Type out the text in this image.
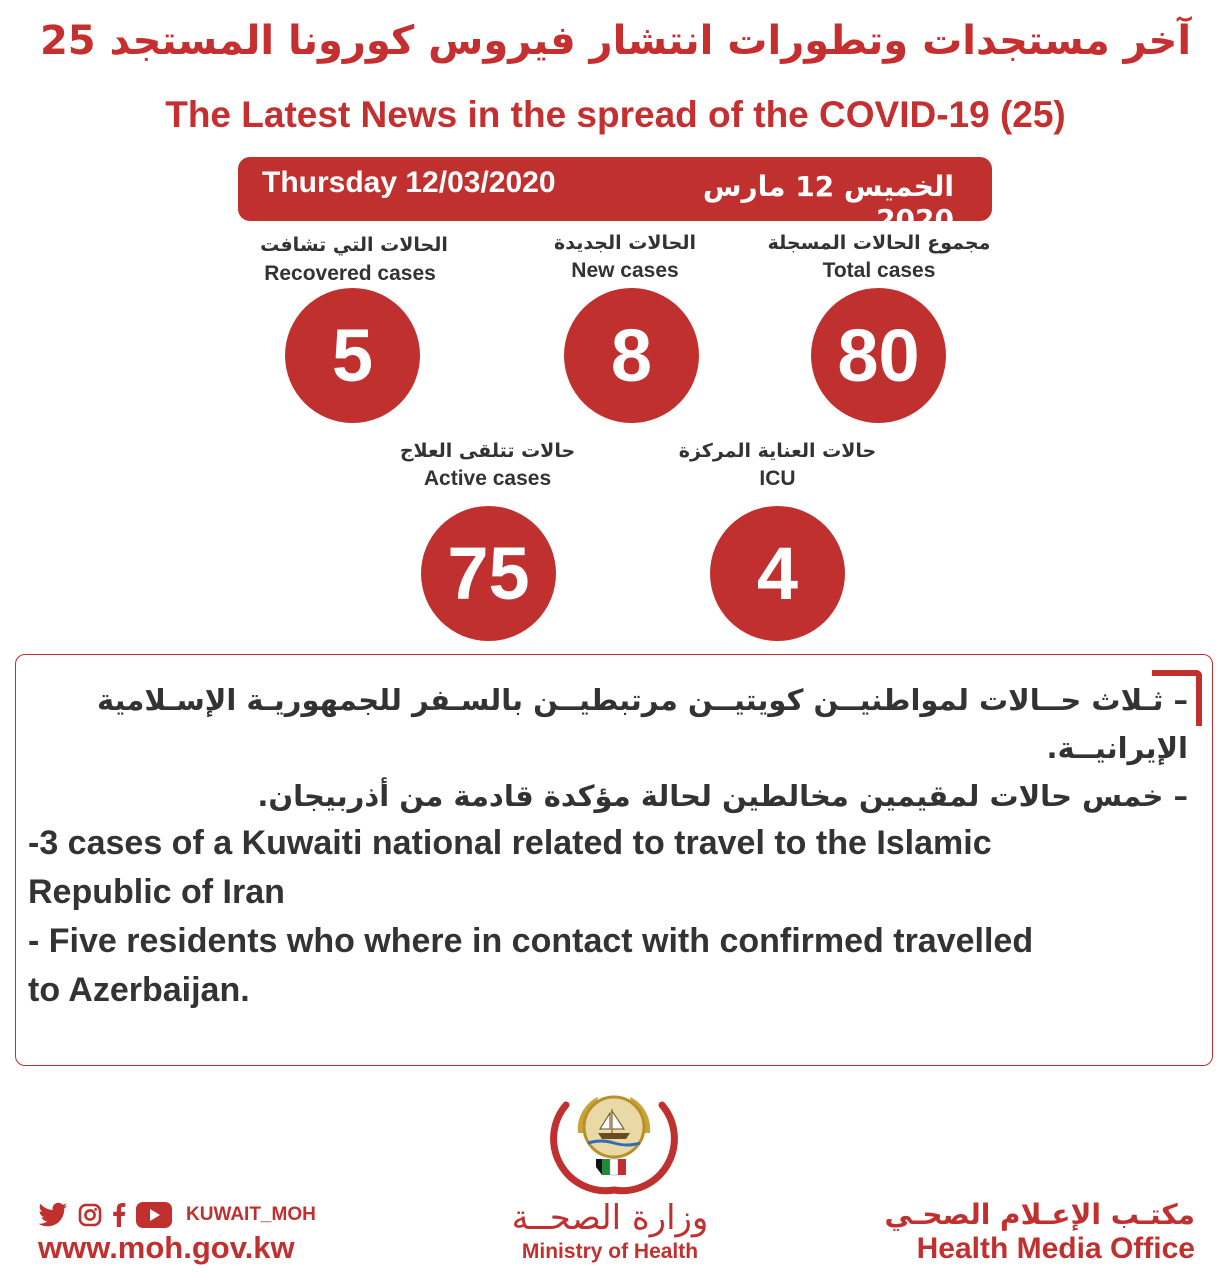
آخر مستجدات وتطورات انتشار فيروس كورونا المستجد 25
The Latest News in the spread of the COVID-19 (25)
Thursday 12/03/2020	الخميس 12 مارس 2020
الحالات التي تشافت
Recovered cases
5
الحالات الجديدة
New cases
8
مجموع الحالات المسجلة
Total cases
80
حالات تتلقى العلاج
Active cases
75
حالات العناية المركزة
ICU
4
– ثـلاث حــالات لمواطنيــن كويتيــن مرتبطيــن بالسـفر للجمهوريـة الإسـلامية
الإيرانيــة.
– خمس حالات لمقيمين مخالطين لحالة مؤكدة قادمة من أذربيجان.
-3 cases of a Kuwaiti national related to travel to the Islamic
Republic of Iran
- Five residents who where in contact with confirmed travelled
to Azerbaijan.
KUWAIT_MOH
www.moh.gov.kw
وزارة الصحــة
Ministry of Health
مكتـب الإعـلام الصحـي
Health Media Office
